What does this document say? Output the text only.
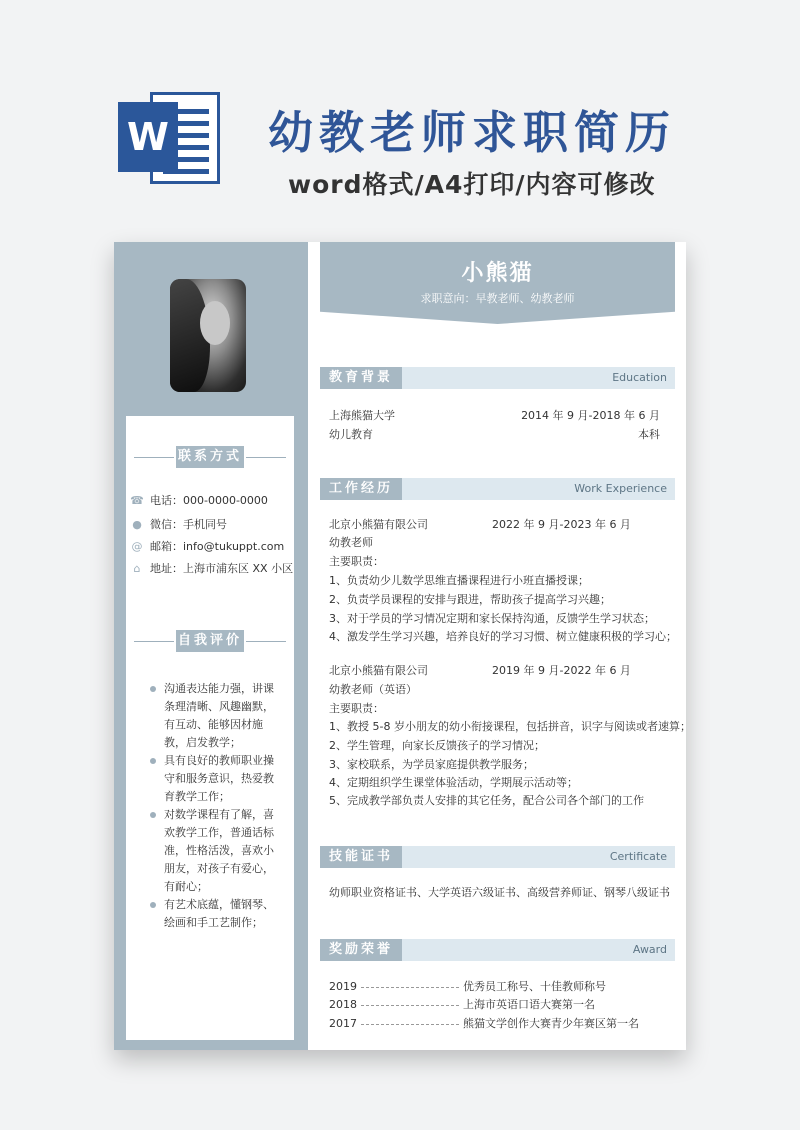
W 幼教老师求职简历
word格式/A4打印/内容可修改
联系方式
☎ 电话：000-0000-0000
● 微信：手机同号
@ 邮箱：info@tukuppt.com
⌂ 地址：上海市浦东区 XX 小区
自我评价
沟通表达能力强，讲课条理清晰、风趣幽默，有互动、能够因材施教，启发教学；
具有良好的教师职业操守和服务意识，热爱教育教学工作；
对数学课程有了解，喜欢教学工作，普通话标准，性格活泼，喜欢小朋友，对孩子有爱心，有耐心；
有艺术底蕴，懂钢琴、绘画和手工艺制作；
小熊猫
求职意向：早教老师、幼教老师
教育背景	Education
上海熊猫大学	2014 年 9 月-2018 年 6 月
幼儿教育	本科
工作经历	Work Experience
北京小熊猫有限公司	2022 年 9 月-2023 年 6 月
幼教老师
主要职责：
1、负责幼少儿数学思维直播课程进行小班直播授课；
2、负责学员课程的安排与跟进，帮助孩子提高学习兴趣；
3、对于学员的学习情况定期和家长保持沟通，反馈学生学习状态；
4、激发学生学习兴趣，培养良好的学习习惯、树立健康积极的学习心；
北京小熊猫有限公司	2019 年 9 月-2022 年 6 月
幼教老师（英语）
主要职责：
1、教授 5-8 岁小朋友的幼小衔接课程，包括拼音，识字与阅读或者速算；
2、学生管理，向家长反馈孩子的学习情况；
3、家校联系，为学员家庭提供教学服务；
4、定期组织学生课堂体验活动，学期展示活动等；
5、完成教学部负责人安排的其它任务，配合公司各个部门的工作
技能证书	Certificate
幼师职业资格证书、大学英语六级证书、高级营养师证、钢琴八级证书
奖励荣誉	Award
2019	优秀员工称号、十佳教师称号
2018	上海市英语口语大赛第一名
2017	熊猫文学创作大赛青少年赛区第一名
